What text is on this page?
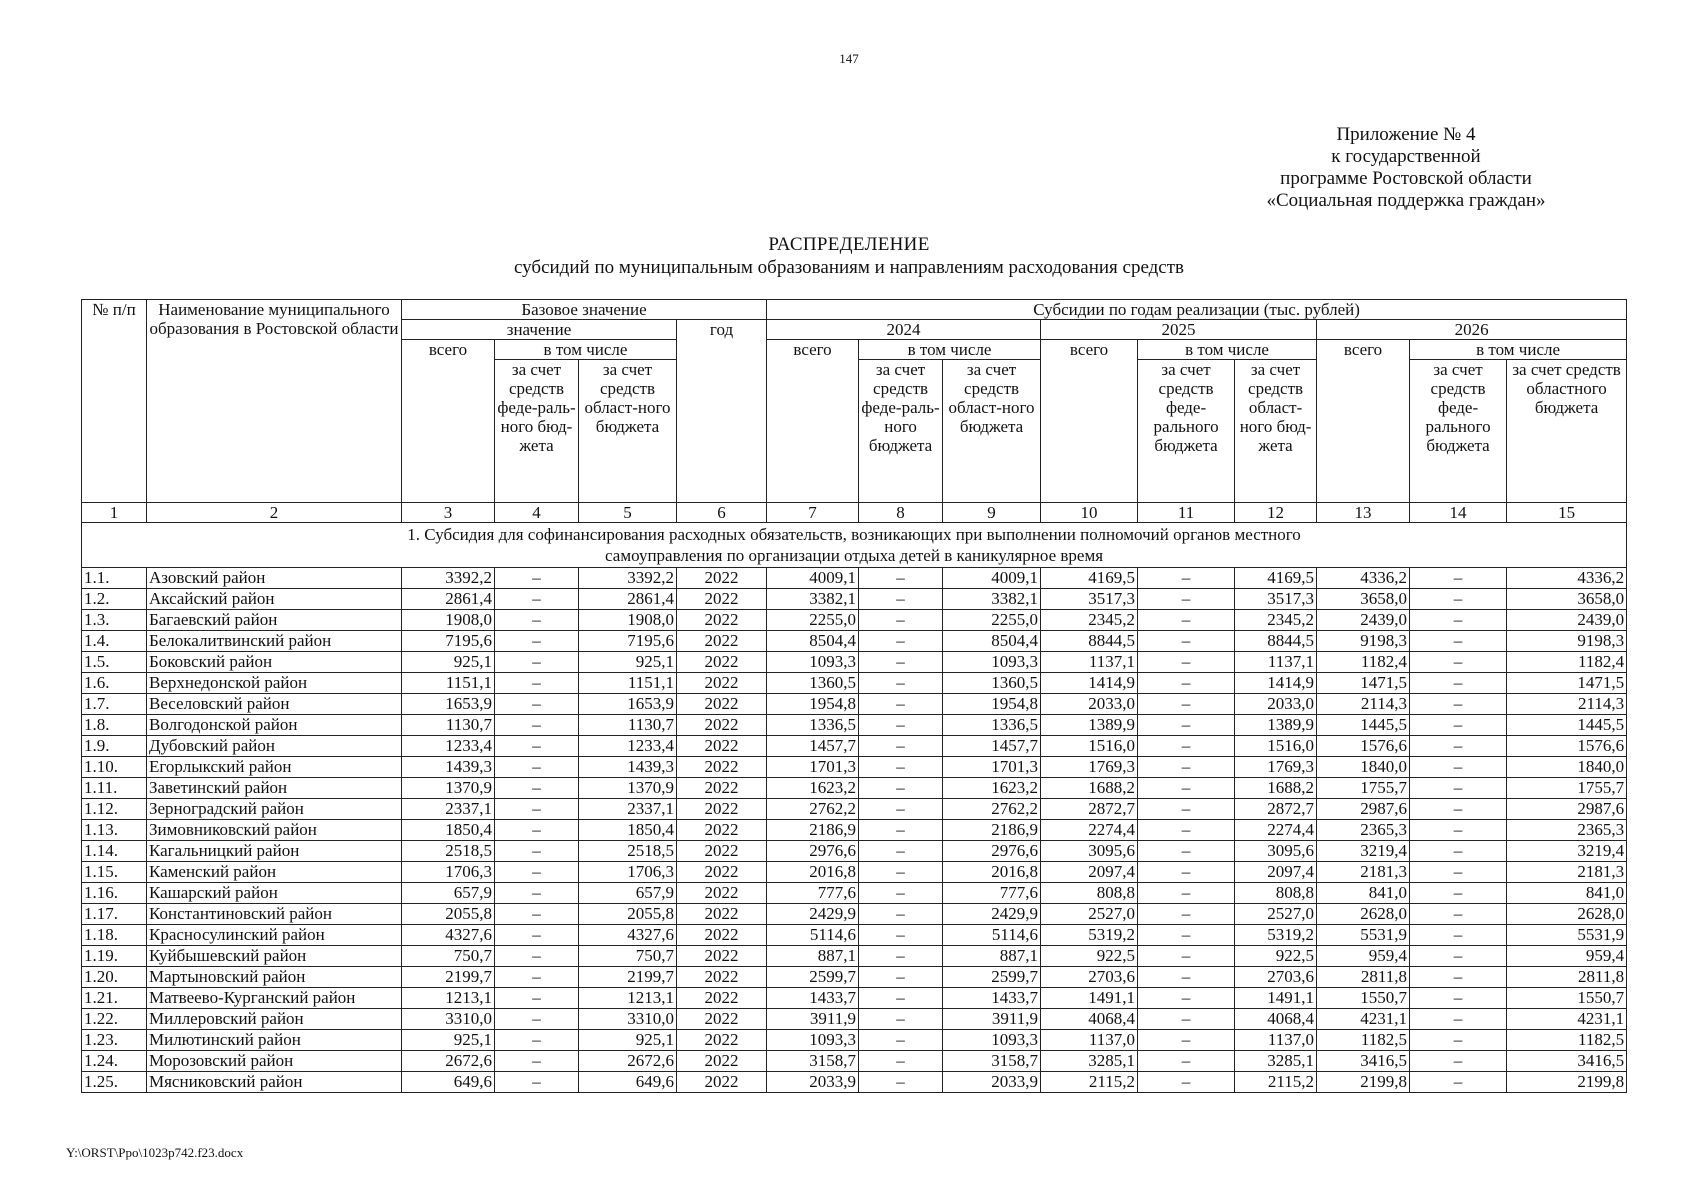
147
Приложение № 4
к государственной
программе Ростовской области
«Социальная поддержка граждан»
РАСПРЕДЕЛЕНИЕ
субсидий по муниципальным образованиям и направлениям расходования средств
№ п/п	Наименование муниципального образования в Ростовской области	Базовое значение				Субсидии по годам реализации (тыс. рублей)								
		значение			год	2024			2025			2026		
		всего	в том числе			всего	в том числе		всего	в том числе		всего	в том числе	
			за счет средств феде-раль-ного бюд-жета	за счет средств област-ного бюджета			за счет средств феде-раль-ного бюджета	за счет средств област-ного бюджета		за счет средств феде-рального бюджета	за счет средств област-ного бюд-жета		за счет средств феде-рального бюджета	за счет средств областного бюджета
1	2	3	4	5	6	7	8	9	10	11	12	13	14	15
1. Субсидия для софинансирования расходных обязательств, возникающих при выполнении полномочий органов местного самоуправления по организации отдыха детей в каникулярное время														
1.1.	Азовский район	3392,2	–	3392,2	2022	4009,1	–	4009,1	4169,5	–	4169,5	4336,2	–	4336,2
1.2.	Аксайский район	2861,4	–	2861,4	2022	3382,1	–	3382,1	3517,3	–	3517,3	3658,0	–	3658,0
1.3.	Багаевский район	1908,0	–	1908,0	2022	2255,0	–	2255,0	2345,2	–	2345,2	2439,0	–	2439,0
1.4.	Белокалитвинский район	7195,6	–	7195,6	2022	8504,4	–	8504,4	8844,5	–	8844,5	9198,3	–	9198,3
1.5.	Боковский район	925,1	–	925,1	2022	1093,3	–	1093,3	1137,1	–	1137,1	1182,4	–	1182,4
1.6.	Верхнедонской район	1151,1	–	1151,1	2022	1360,5	–	1360,5	1414,9	–	1414,9	1471,5	–	1471,5
1.7.	Веселовский район	1653,9	–	1653,9	2022	1954,8	–	1954,8	2033,0	–	2033,0	2114,3	–	2114,3
1.8.	Волгодонской район	1130,7	–	1130,7	2022	1336,5	–	1336,5	1389,9	–	1389,9	1445,5	–	1445,5
1.9.	Дубовский район	1233,4	–	1233,4	2022	1457,7	–	1457,7	1516,0	–	1516,0	1576,6	–	1576,6
1.10.	Егорлыкский район	1439,3	–	1439,3	2022	1701,3	–	1701,3	1769,3	–	1769,3	1840,0	–	1840,0
1.11.	Заветинский район	1370,9	–	1370,9	2022	1623,2	–	1623,2	1688,2	–	1688,2	1755,7	–	1755,7
1.12.	Зерноградский район	2337,1	–	2337,1	2022	2762,2	–	2762,2	2872,7	–	2872,7	2987,6	–	2987,6
1.13.	Зимовниковский район	1850,4	–	1850,4	2022	2186,9	–	2186,9	2274,4	–	2274,4	2365,3	–	2365,3
1.14.	Кагальницкий район	2518,5	–	2518,5	2022	2976,6	–	2976,6	3095,6	–	3095,6	3219,4	–	3219,4
1.15.	Каменский район	1706,3	–	1706,3	2022	2016,8	–	2016,8	2097,4	–	2097,4	2181,3	–	2181,3
1.16.	Кашарский район	657,9	–	657,9	2022	777,6	–	777,6	808,8	–	808,8	841,0	–	841,0
1.17.	Константиновский район	2055,8	–	2055,8	2022	2429,9	–	2429,9	2527,0	–	2527,0	2628,0	–	2628,0
1.18.	Красносулинский район	4327,6	–	4327,6	2022	5114,6	–	5114,6	5319,2	–	5319,2	5531,9	–	5531,9
1.19.	Куйбышевский район	750,7	–	750,7	2022	887,1	–	887,1	922,5	–	922,5	959,4	–	959,4
1.20.	Мартыновский район	2199,7	–	2199,7	2022	2599,7	–	2599,7	2703,6	–	2703,6	2811,8	–	2811,8
1.21.	Матвеево-Курганский район	1213,1	–	1213,1	2022	1433,7	–	1433,7	1491,1	–	1491,1	1550,7	–	1550,7
1.22.	Миллеровский район	3310,0	–	3310,0	2022	3911,9	–	3911,9	4068,4	–	4068,4	4231,1	–	4231,1
1.23.	Милютинский район	925,1	–	925,1	2022	1093,3	–	1093,3	1137,0	–	1137,0	1182,5	–	1182,5
1.24.	Морозовский район	2672,6	–	2672,6	2022	3158,7	–	3158,7	3285,1	–	3285,1	3416,5	–	3416,5
1.25.	Мясниковский район	649,6	–	649,6	2022	2033,9	–	2033,9	2115,2	–	2115,2	2199,8	–	2199,8
Y:\ORST\Ppo\1023p742.f23.docx
